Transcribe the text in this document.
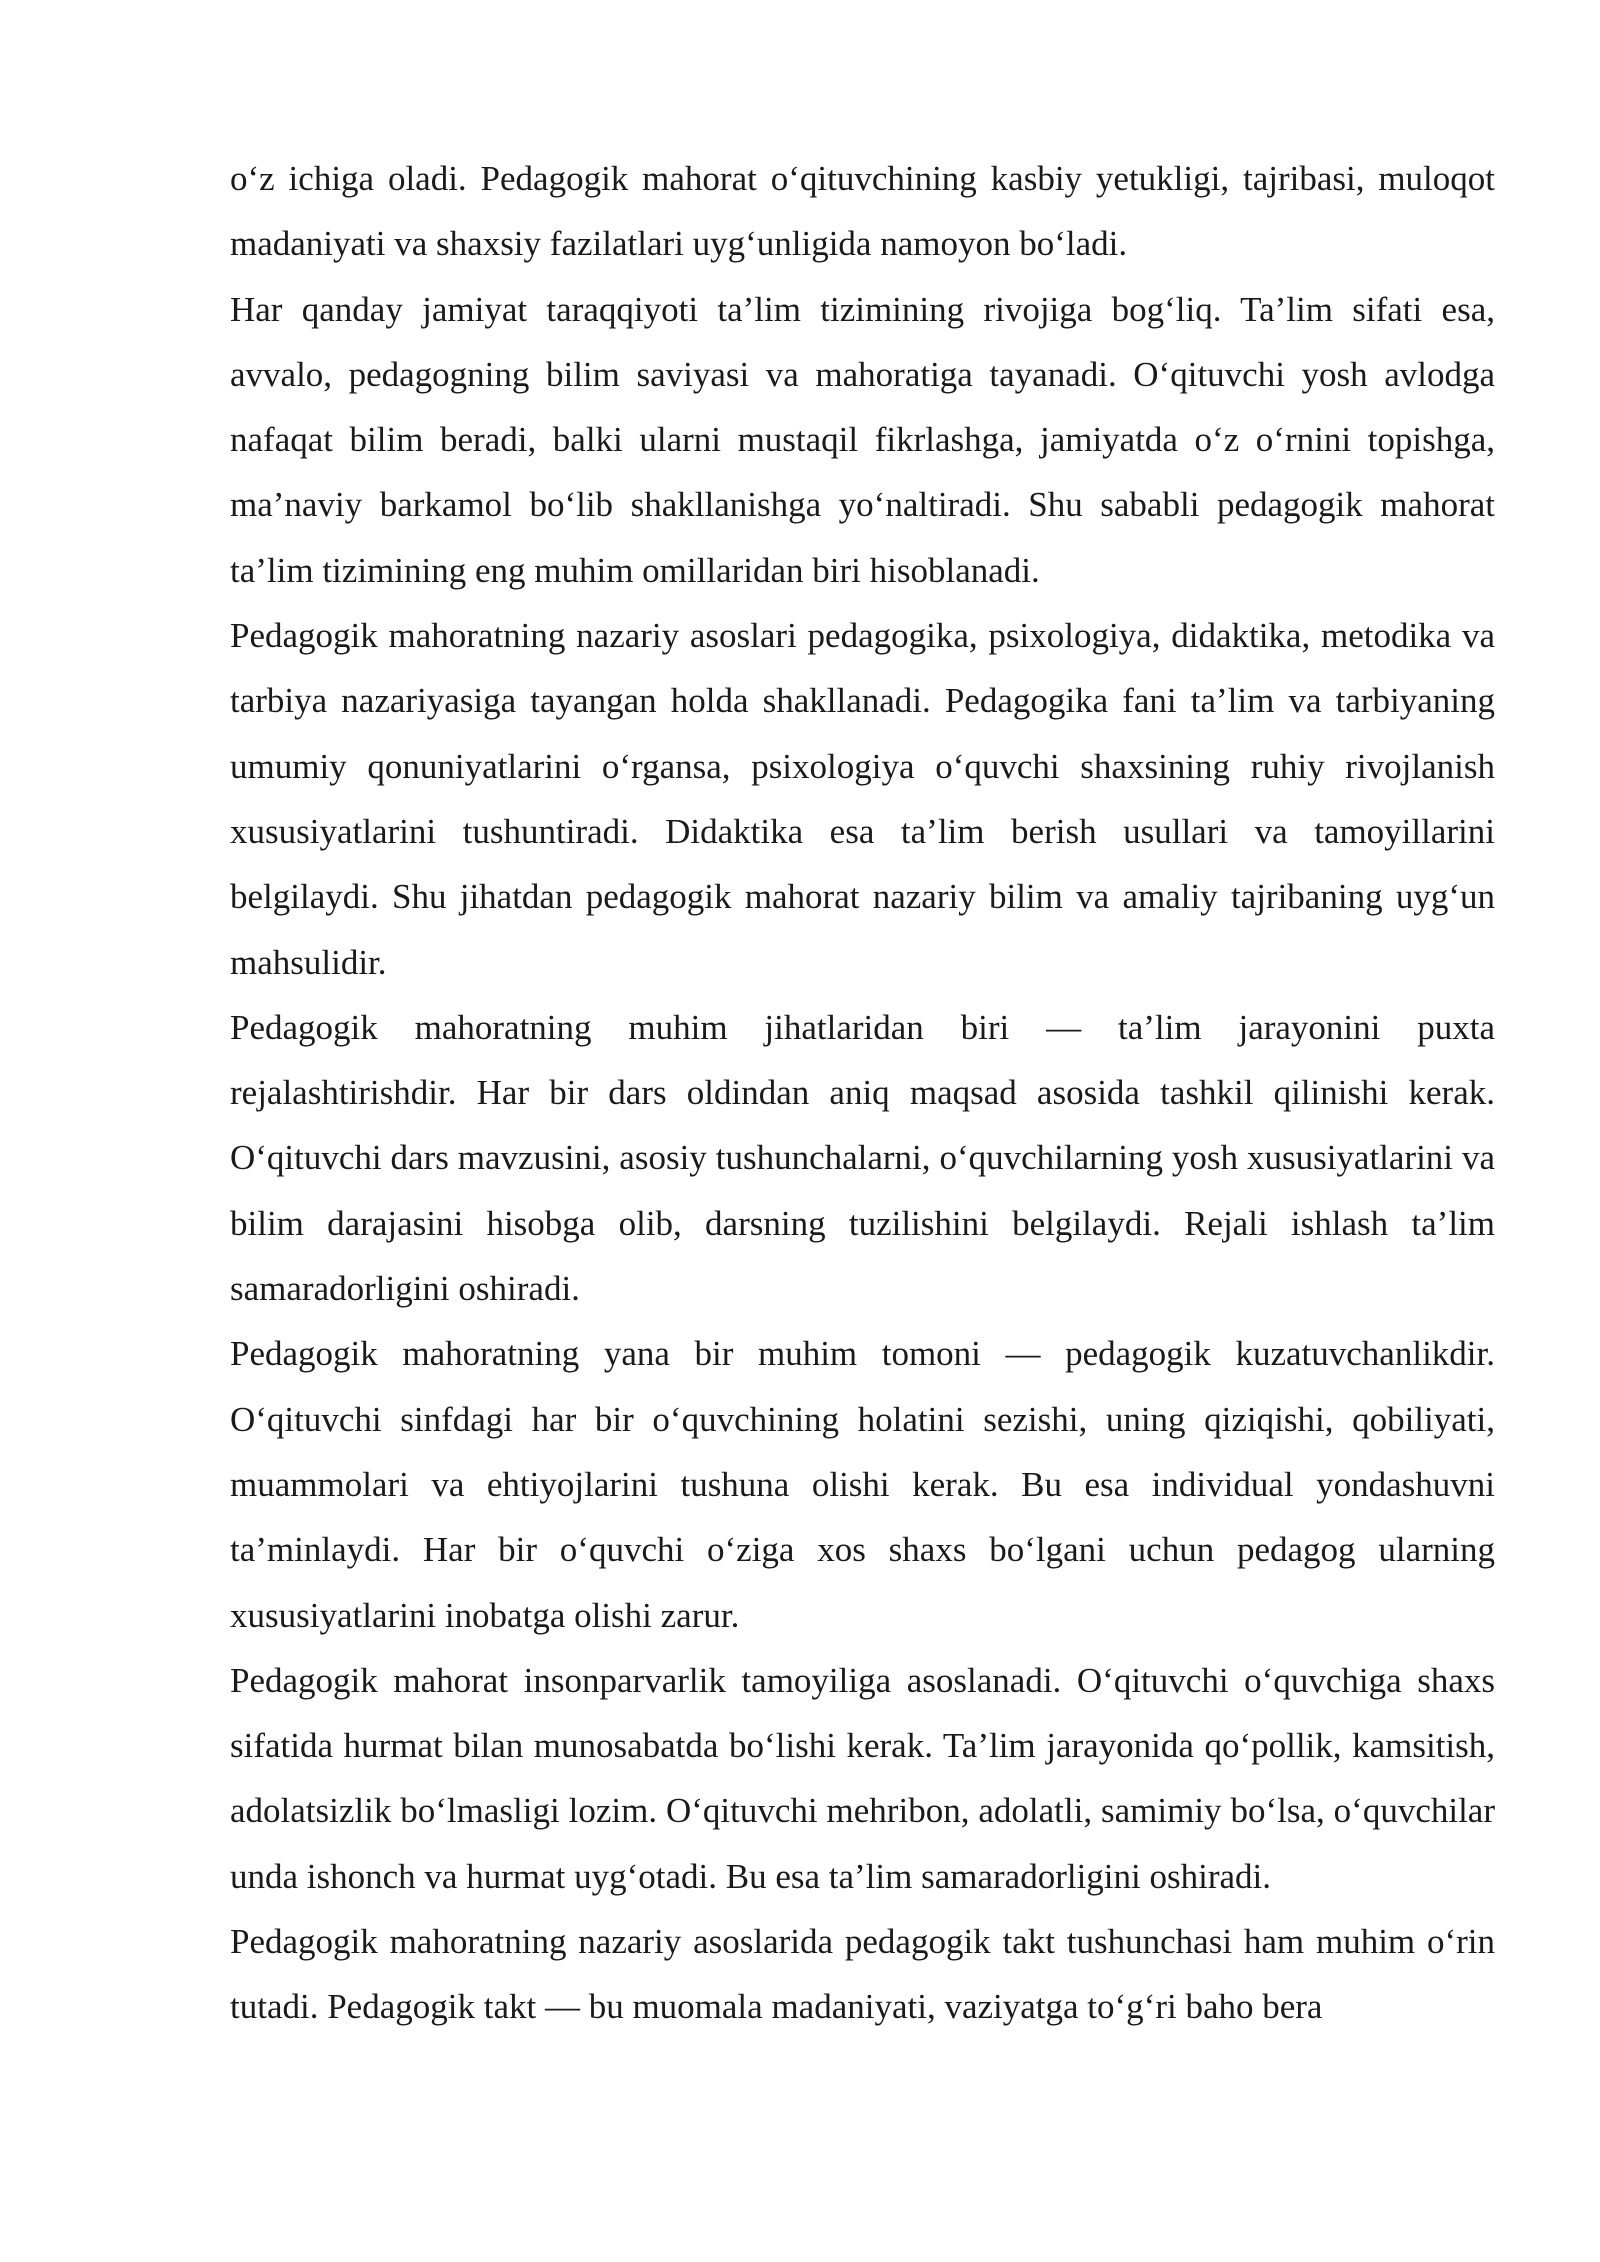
o‘z ichiga oladi. Pedagogik mahorat o‘qituvchining kasbiy yetukligi, tajribasi, muloqot madaniyati va shaxsiy fazilatlari uyg‘unligida namoyon bo‘ladi.

Har qanday jamiyat taraqqiyoti ta’lim tizimining rivojiga bog‘liq. Ta’lim sifati esa, avvalo, pedagogning bilim saviyasi va mahoratiga tayanadi. O‘qituvchi yosh avlodga nafaqat bilim beradi, balki ularni mustaqil fikrlashga, jamiyatda o‘z o‘rnini topishga, ma’naviy barkamol bo‘lib shakllanishga yo‘naltiradi. Shu sababli pedagogik mahorat ta’lim tizimining eng muhim omillaridan biri hisoblanadi.

Pedagogik mahoratning nazariy asoslari pedagogika, psixologiya, didaktika, metodika va tarbiya nazariyasiga tayangan holda shakllanadi. Pedagogika fani ta’lim va tarbiyaning umumiy qonuniyatlarini o‘rgansa, psixologiya o‘quvchi shaxsining ruhiy rivojlanish xususiyatlarini tushuntiradi. Didaktika esa ta’lim berish usullari va tamoyillarini belgilaydi. Shu jihatdan pedagogik mahorat nazariy bilim va amaliy tajribaning uyg‘un mahsulidir.

Pedagogik mahoratning muhim jihatlaridan biri — ta’lim jarayonini puxta rejalashtirishdir. Har bir dars oldindan aniq maqsad asosida tashkil qilinishi kerak. O‘qituvchi dars mavzusini, asosiy tushunchalarni, o‘quvchilarning yosh xususiyatlarini va bilim darajasini hisobga olib, darsning tuzilishini belgilaydi. Rejali ishlash ta’lim samaradorligini oshiradi.

Pedagogik mahoratning yana bir muhim tomoni — pedagogik kuzatuvchanlikdir. O‘qituvchi sinfdagi har bir o‘quvchining holatini sezishi, uning qiziqishi, qobiliyati, muammolari va ehtiyojlarini tushuna olishi kerak. Bu esa individual yondashuvni ta’minlaydi. Har bir o‘quvchi o‘ziga xos shaxs bo‘lgani uchun pedagog ularning xususiyatlarini inobatga olishi zarur.

Pedagogik mahorat insonparvarlik tamoyiliga asoslanadi. O‘qituvchi o‘quvchiga shaxs sifatida hurmat bilan munosabatda bo‘lishi kerak. Ta’lim jarayonida qo‘pollik, kamsitish, adolatsizlik bo‘lmasligi lozim. O‘qituvchi mehribon, adolatli, samimiy bo‘lsa, o‘quvchilar unda ishonch va hurmat uyg‘otadi. Bu esa ta’lim samaradorligini oshiradi.

Pedagogik mahoratning nazariy asoslarida pedagogik takt tushunchasi ham muhim o‘rin tutadi. Pedagogik takt — bu muomala madaniyati, vaziyatga to‘g‘ri baho bera
